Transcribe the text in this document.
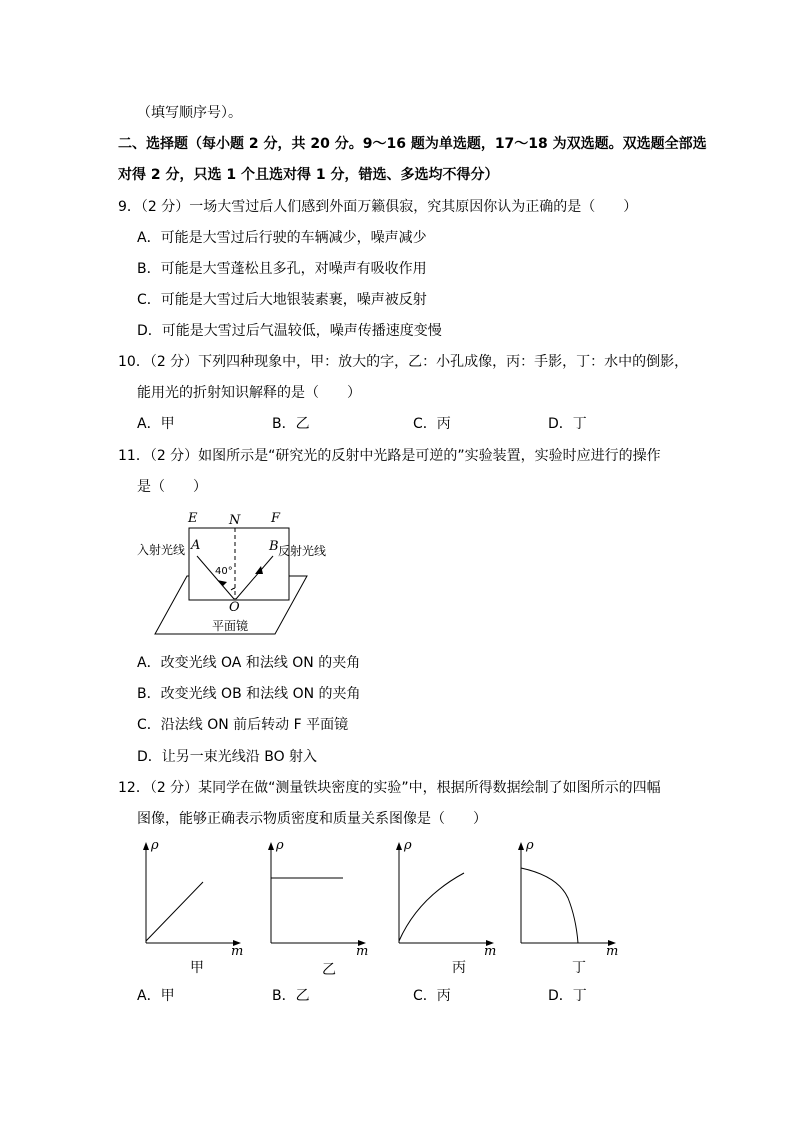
（填写顺序号）。
二、选择题（每小题 2 分，共 20 分。9～16 题为单选题，17～18 为双选题。双选题全部选
对得 2 分，只选 1 个且选对得 1 分，错选、多选均不得分）
9．（2 分）一场大雪过后人们感到外面万籁俱寂，究其原因你认为正确的是（　　）
A．可能是大雪过后行驶的车辆减少，噪声减少
B．可能是大雪蓬松且多孔，对噪声有吸收作用
C．可能是大雪过后大地银装素裹，噪声被反射
D．可能是大雪过后气温较低，噪声传播速度变慢
10．（2 分）下列四种现象中，甲：放大的字，乙：小孔成像，丙：手影，丁：水中的倒影，
能用光的折射知识解释的是（　　）
A．甲	B．乙	C．丙	D．丁
11．（2 分）如图所示是“研究光的反射中光路是可逆的”实验装置，实验时应进行的操作
是（　　）
E N F
A	B
O
40°
入射光线	反射光线
平面镜
A．改变光线 OA 和法线 ON 的夹角
B．改变光线 OB 和法线 ON 的夹角
C．沿法线 ON 前后转动 F 平面镜
D．让另一束光线沿 BO 射入
12．（2 分）某同学在做“测量铁块密度的实验”中，根据所得数据绘制了如图所示的四幅
图像，能够正确表示物质密度和质量关系图像是（　　）
ρ
m
甲
ρ
m
乙
ρ
m
丙
ρ
m
丁
A．甲	B．乙	C．丙	D．丁
